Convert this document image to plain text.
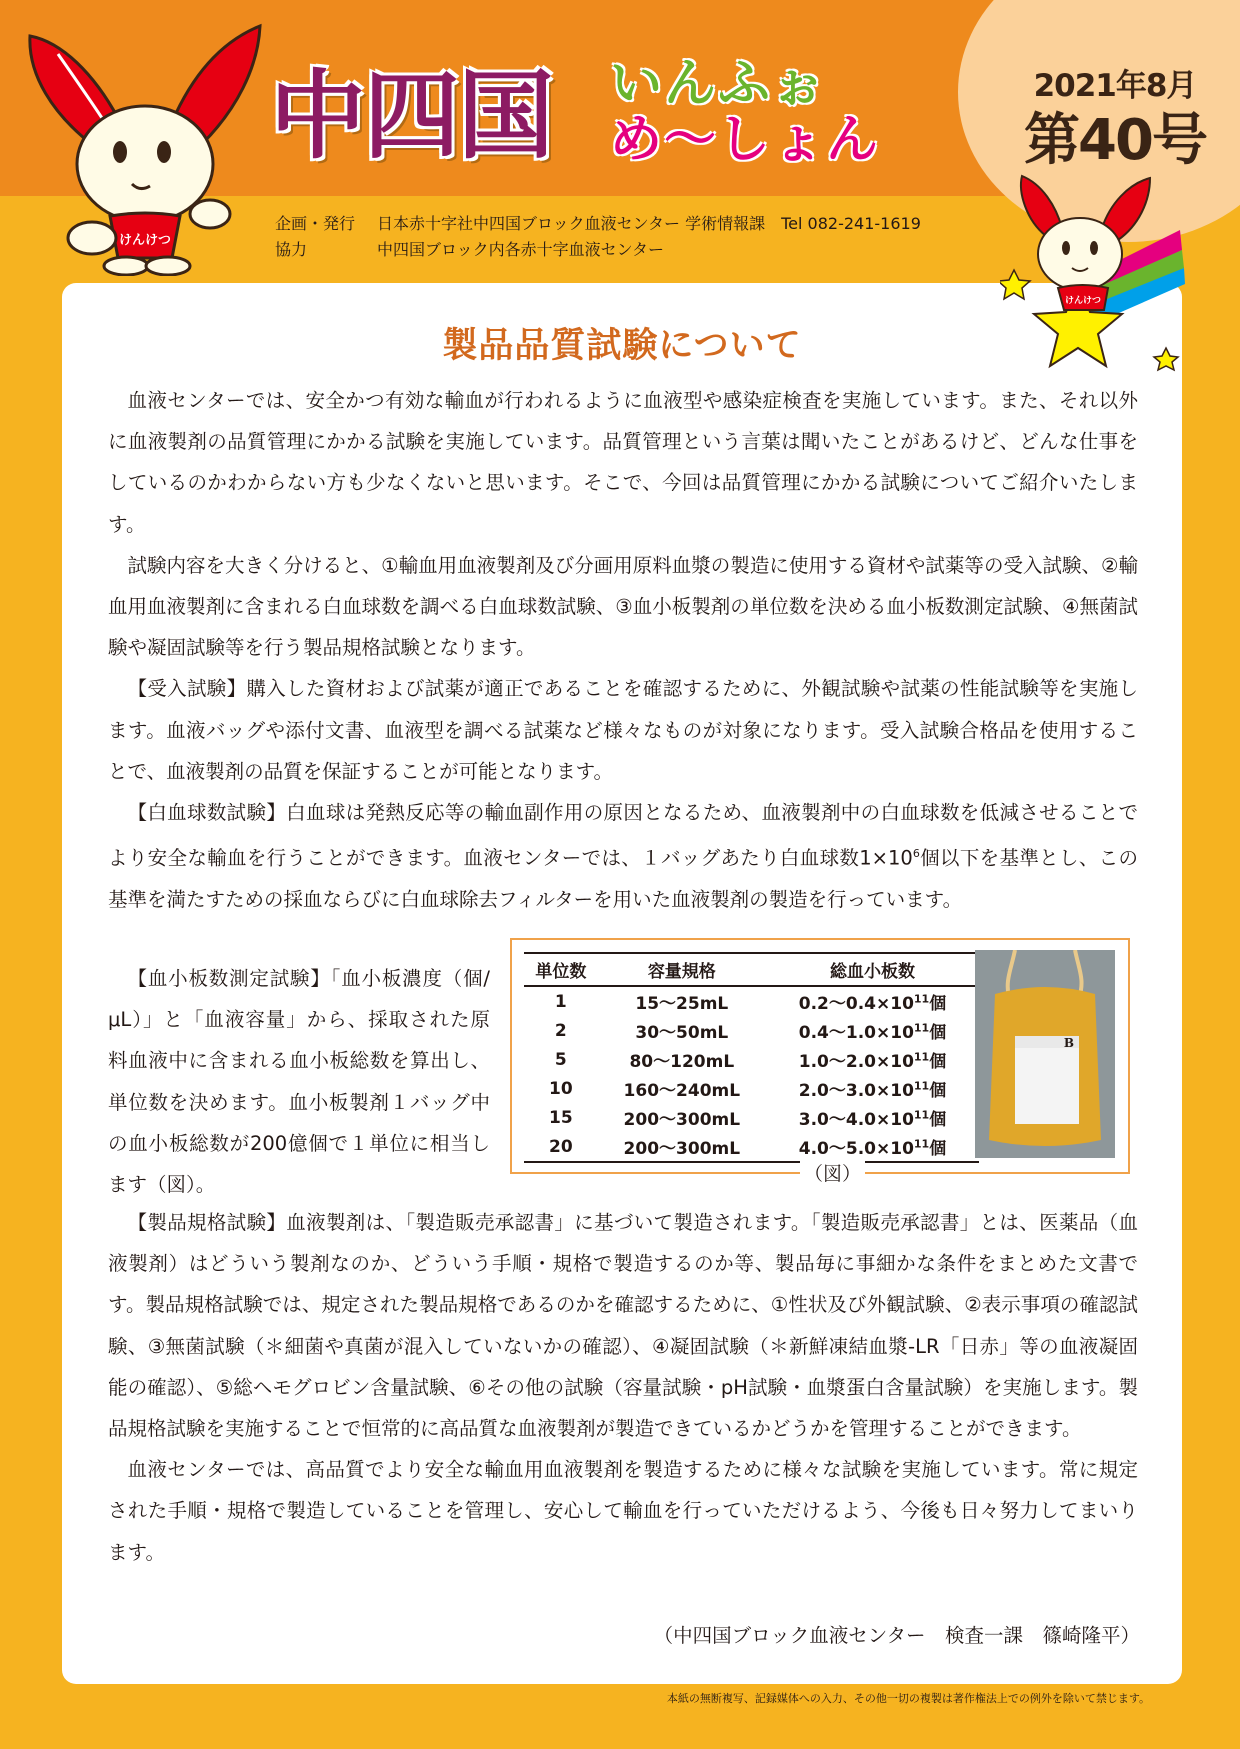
2021年8月
第40号
けんけつ
中四国 いんふぉ
め〜しょん
企画・発行 日本赤十字社中四国ブロック血液センター 学術情報課　Tel 082-241-1619
協力	中四国ブロック内各赤十字血液センター
けんけつ
製品品質試験について

血液センターでは、安全かつ有効な輸血が行われるように血液型や感染症検査を実施しています。また、それ以外に血液製剤の品質管理にかかる試験を実施しています。品質管理という言葉は聞いたことがあるけど、どんな仕事をしているのかわからない方も少なくないと思います。そこで、今回は品質管理にかかる試験についてご紹介いたします。

試験内容を大きく分けると、①輸血用血液製剤及び分画用原料血漿の製造に使用する資材や試薬等の受入試験、②輸血用血液製剤に含まれる白血球数を調べる白血球数試験、③血小板製剤の単位数を決める血小板数測定試験、④無菌試験や凝固試験等を行う製品規格試験となります。

【受入試験】購入した資材および試薬が適正であることを確認するために、外観試験や試薬の性能試験等を実施します。血液バッグや添付文書、血液型を調べる試薬など様々なものが対象になります。受入試験合格品を使用することで、血液製剤の品質を保証することが可能となります。

【白血球数試験】白血球は発熱反応等の輸血副作用の原因となるため、血液製剤中の白血球数を低減させることでより安全な輸血を行うことができます。血液センターでは、１バッグあたり白血球数$1\times 10^6$個以下を基準とし、この基準を満たすための採血ならびに白血球除去フィルターを用いた血液製剤の製造を行っています。

【血小板数測定試験】「血小板濃度（個/μL）」と「血液容量」から、採取された原料血液中に含まれる血小板総数を算出し、単位数を決めます。血小板製剤１バッグ中の血小板総数が200億個で１単位に相当します（図）。

単位数	容量規格	総血小板数
1	15〜25mL	0.2〜$0.4\times 10^{11}$個
2	30〜50mL	0.4〜$1.0\times 10^{11}$個
5	80〜120mL	1.0〜$2.0\times 10^{11}$個
10	160〜240mL	2.0〜$3.0\times 10^{11}$個
15	200〜300mL	3.0〜$4.0\times 10^{11}$個
20	200〜300mL	4.0〜$5.0\times 10^{11}$個
B
（図）

【製品規格試験】血液製剤は、「製造販売承認書」に基づいて製造されます。「製造販売承認書」とは、医薬品（血液製剤）はどういう製剤なのか、どういう手順・規格で製造するのか等、製品毎に事細かな条件をまとめた文書です。製品規格試験では、規定された製品規格であるのかを確認するために、①性状及び外観試験、②表示事項の確認試験、③無菌試験（＊細菌や真菌が混入していないかの確認）、④凝固試験（＊新鮮凍結血漿-LR「日赤」等の血液凝固能の確認）、⑤総ヘモグロビン含量試験、⑥その他の試験（容量試験・pH試験・血漿蛋白含量試験）を実施します。製品規格試験を実施することで恒常的に高品質な血液製剤が製造できているかどうかを管理することができます。

血液センターでは、高品質でより安全な輸血用血液製剤を製造するために様々な試験を実施しています。常に規定された手順・規格で製造していることを管理し、安心して輸血を行っていただけるよう、今後も日々努力してまいります。

（中四国ブロック血液センター　検査一課　篠崎隆平）
本紙の無断複写、記録媒体への入力、その他一切の複製は著作権法上での例外を除いて禁じます。
